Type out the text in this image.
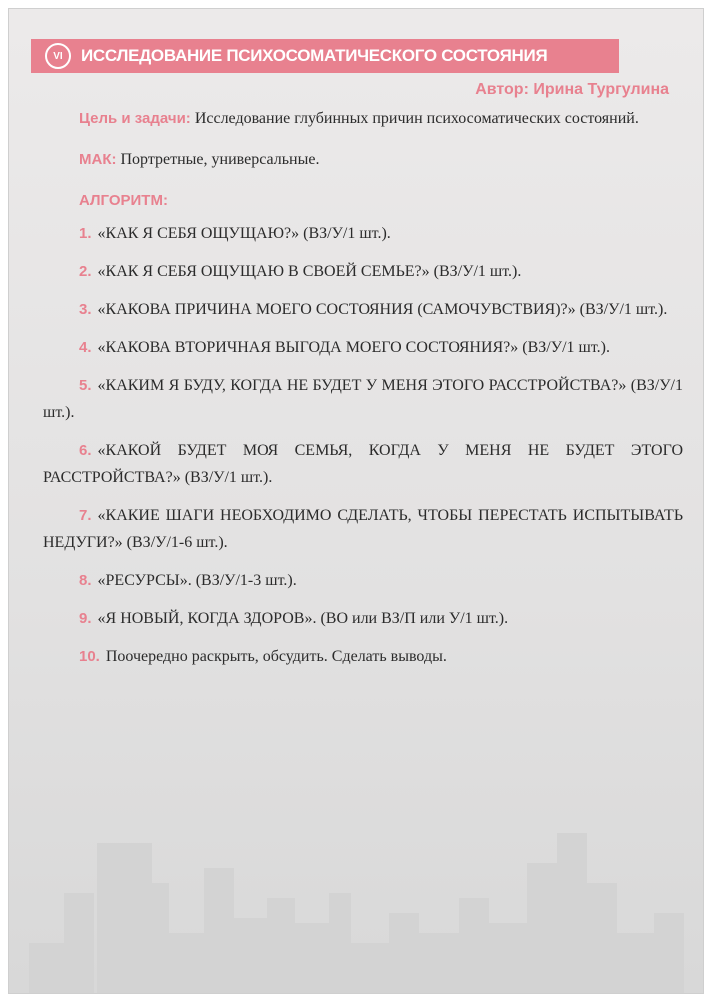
VI	ИССЛЕДОВАНИЕ ПСИХОСОМАТИЧЕСКОГО СОСТОЯНИЯ
Автор: Ирина Тургулина

Цель и задачи: Исследование глубинных причин психосоматических состояний.

МАК: Портретные, универсальные.

АЛГОРИТМ:

1. «КАК Я СЕБЯ ОЩУЩАЮ?» (ВЗ/У/1 шт.).

2. «КАК Я СЕБЯ ОЩУЩАЮ В СВОЕЙ СЕМЬЕ?» (ВЗ/У/1 шт.).

3. «КАКОВА ПРИЧИНА МОЕГО СОСТОЯНИЯ (САМОЧУВСТВИЯ)?» (ВЗ/У/1 шт.).

4. «КАКОВА ВТОРИЧНАЯ ВЫГОДА МОЕГО СОСТОЯНИЯ?» (ВЗ/У/1 шт.).

5. «КАКИМ Я БУДУ, КОГДА НЕ БУДЕТ У МЕНЯ ЭТОГО РАССТРОЙСТВА?» (ВЗ/У/1 шт.).

6. «КАКОЙ БУДЕТ МОЯ СЕМЬЯ, КОГДА У МЕНЯ НЕ БУДЕТ ЭТОГО РАССТРОЙСТВА?» (ВЗ/У/1 шт.).

7. «КАКИЕ ШАГИ НЕОБХОДИМО СДЕЛАТЬ, ЧТОБЫ ПЕРЕСТАТЬ ИСПЫТЫВАТЬ НЕДУГИ?» (ВЗ/У/1-6 шт.).

8. «РЕСУРСЫ». (ВЗ/У/1-3 шт.).

9. «Я НОВЫЙ, КОГДА ЗДОРОВ». (ВО или ВЗ/П или У/1 шт.).

10. Поочередно раскрыть, обсудить. Сделать выводы.
